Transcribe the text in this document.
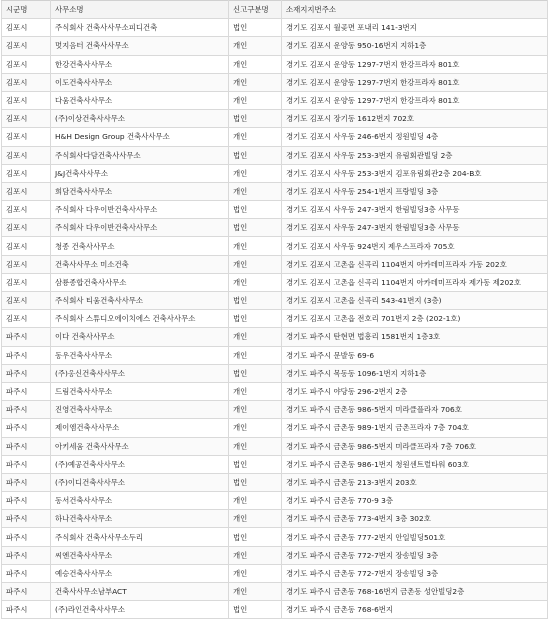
시군명	사무소명	신고구분명	소재지지번주소
김포시	주식회사 건축사사무소피디건축	법인	경기도 김포시 월곶면 포내리 141-3번지
김포시	멋지음터 건축사사무소	개인	경기도 김포시 운양동 950-16번지 지하1층
김포시	한강건축사사무소	개인	경기도 김포시 운양동 1297-7번지 한강프라자 801호
김포시	이도건축사사무소	개인	경기도 김포시 운양동 1297-7번지 한강프라자 801호
김포시	다움건축사사무소	개인	경기도 김포시 운양동 1297-7번지 한강프라자 801호
김포시	(주)이상건축사사무소	법인	경기도 김포시 장기동 1612번지 702호
김포시	H&H Design Group 건축사사무소	개인	경기도 김포시 사우동 246-6번지 정원빌딩 4층
김포시	주식회사다담건축사사무소	법인	경기도 김포시 사우동 253-3번지 유림회관빌딩 2층
김포시	J&J건축사사무소	개인	경기도 김포시 사우동 253-3번지 김포유림회관2층 204-B호
김포시	희담건축사사무소	개인	경기도 김포시 사우동 254-1번지 프랑빌딩 3층
김포시	주식회사 다우이반건축사사무소	법인	경기도 김포시 사우동 247-3번지 한림빌딩3층 사무동
김포시	주식회사 다우이반건축사사무소	법인	경기도 김포시 사우동 247-3번지 한림빌딩3층 사무동
김포시	청종 건축사사무소	개인	경기도 김포시 사우동 924번지 제우스프라자 705호
김포시	건축사사무소 미소건축	개인	경기도 김포시 고촌읍 신곡리 1104번지 아카데미프라자 가동 202호
김포시	삼룡종합건축사사무소	개인	경기도 김포시 고촌읍 신곡리 1104번지 아카데미프라자 제가동 제202호
김포시	주식회사 티움건축사사무소	법인	경기도 김포시 고촌읍 신곡리 543-41번지 (3층)
김포시	주식회사 스튜디오에이치에스 건축사사무소	법인	경기도 김포시 고촌읍 전호리 701번지 2층 (202-1호)
파주시	이다 건축사사무소	개인	경기도 파주시 탄현면 법흥리 1581번지 1층3호
파주시	동우건축사사무소	개인	경기도 파주시 문발동 69-6
파주시	(주)옹신건축사사무소	법인	경기도 파주시 목동동 1096-1번지 지하1층
파주시	드림건축사사무소	개인	경기도 파주시 야당동 296-2번지 2층
파주시	진영건축사사무소	개인	경기도 파주시 금촌동 986-5번지 미라클플라자 706호
파주시	제이엠건축사사무소	개인	경기도 파주시 금촌동 989-1번지 금촌프라자 7층 704호
파주시	아키세움 건축사사무소	개인	경기도 파주시 금촌동 986-5번지 미라클프라자 7층 706호
파주시	(주)예공건축사사무소	법인	경기도 파주시 금촌동 986-1번지 청원센트럴타워 603호
파주시	(주)이디건축사사무소	법인	경기도 파주시 금촌동 213-3번지 203호
파주시	동서건축사사무소	개인	경기도 파주시 금촌동 770-9 3층
파주시	하나건축사사무소	개인	경기도 파주시 금촌동 773-4번지 3층 302호
파주시	주식회사 건축사사무소두리	법인	경기도 파주시 금촌동 777-2번지 안일빌딩501호
파주시	씨엔건축사사무소	개인	경기도 파주시 금촌동 772-7번지 장송빌딩 3층
파주시	예승건축사사무소	개인	경기도 파주시 금촌동 772-7번지 장송빌딩 3층
파주시	건축사사무소남부ACT	개인	경기도 파주시 금촌동 768-16번지 금촌동 성안빌딩2층
파주시	(주)라인건축사사무소	법인	경기도 파주시 금촌동 768-6번지
